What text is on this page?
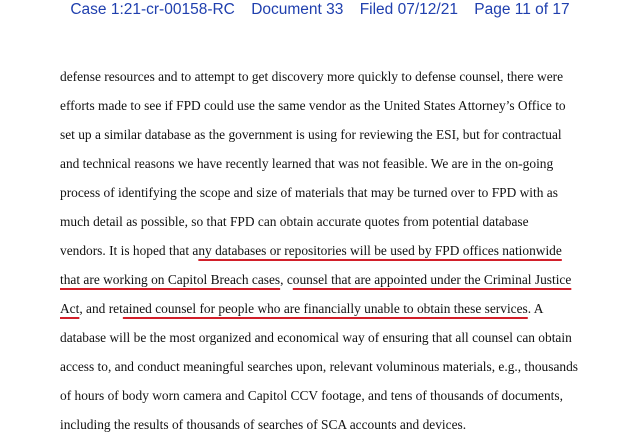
Case 1:21-cr-00158-RC Document 33 Filed 07/12/21 Page 11 of 17
defense resources and to attempt to get discovery more quickly to defense counsel, there were
efforts made to see if FPD could use the same vendor as the United States Attorney’s Office to
set up a similar database as the government is using for reviewing the ESI, but for contractual
and technical reasons we have recently learned that was not feasible. We are in the on-going
process of identifying the scope and size of materials that may be turned over to FPD with as
much detail as possible, so that FPD can obtain accurate quotes from potential database
vendors. It is hoped that any databases or repositories will be used by FPD offices nationwide
that are working on Capitol Breach cases, counsel that are appointed under the Criminal Justice
Act, and retained counsel for people who are financially unable to obtain these services. A
database will be the most organized and economical way of ensuring that all counsel can obtain
access to, and conduct meaningful searches upon, relevant voluminous materials, e.g., thousands
of hours of body worn camera and Capitol CCV footage, and tens of thousands of documents,
including the results of thousands of searches of SCA accounts and devices.
